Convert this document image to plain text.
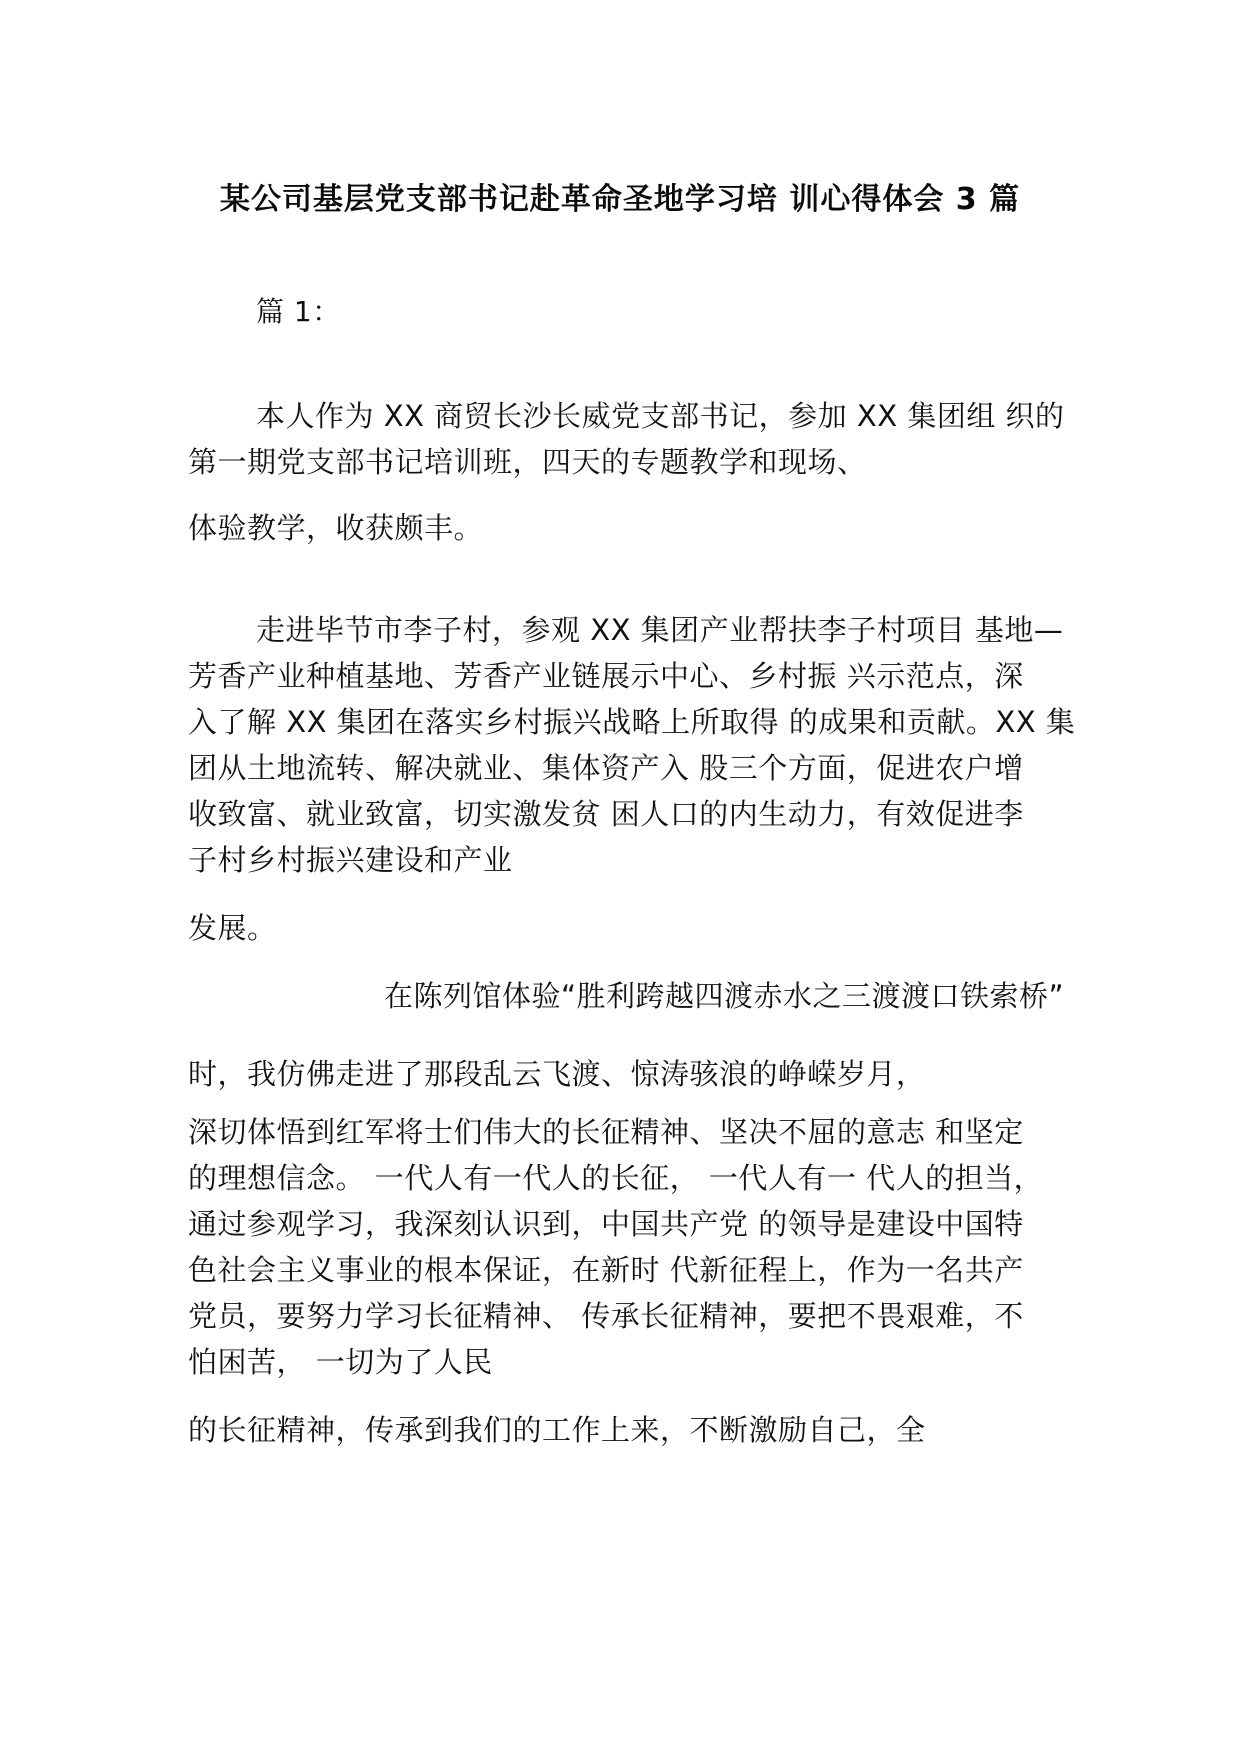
某公司基层党支部书记赴革命圣地学习培 训心得体会 3 篇
篇 1：
本人作为 XX 商贸长沙长威党支部书记，参加 XX 集团组 织的
第一期党支部书记培训班，四天的专题教学和现场、
体验教学，收获颇丰。
走进毕节市李子村，参观 XX 集团产业帮扶李子村项目 基地—
芳香产业种植基地、芳香产业链展示中心、乡村振 兴示范点，深
入了解 XX 集团在落实乡村振兴战略上所取得 的成果和贡献。XX 集
团从土地流转、解决就业、集体资产入 股三个方面，促进农户增
收致富、就业致富，切实激发贫 困人口的内生动力，有效促进李
子村乡村振兴建设和产业
发展。
在陈列馆体验“胜利跨越四渡赤水之三渡渡口铁索桥”
时，我仿佛走进了那段乱云飞渡、惊涛骇浪的峥嵘岁月，
深切体悟到红军将士们伟大的长征精神、坚决不屈的意志 和坚定
的理想信念。 一代人有一代人的长征， 一代人有一 代人的担当，
通过参观学习，我深刻认识到，中国共产党 的领导是建设中国特
色社会主义事业的根本保证，在新时 代新征程上，作为一名共产
党员，要努力学习长征精神、 传承长征精神，要把不畏艰难，不
怕困苦， 一切为了人民
的长征精神，传承到我们的工作上来，不断激励自己，全
